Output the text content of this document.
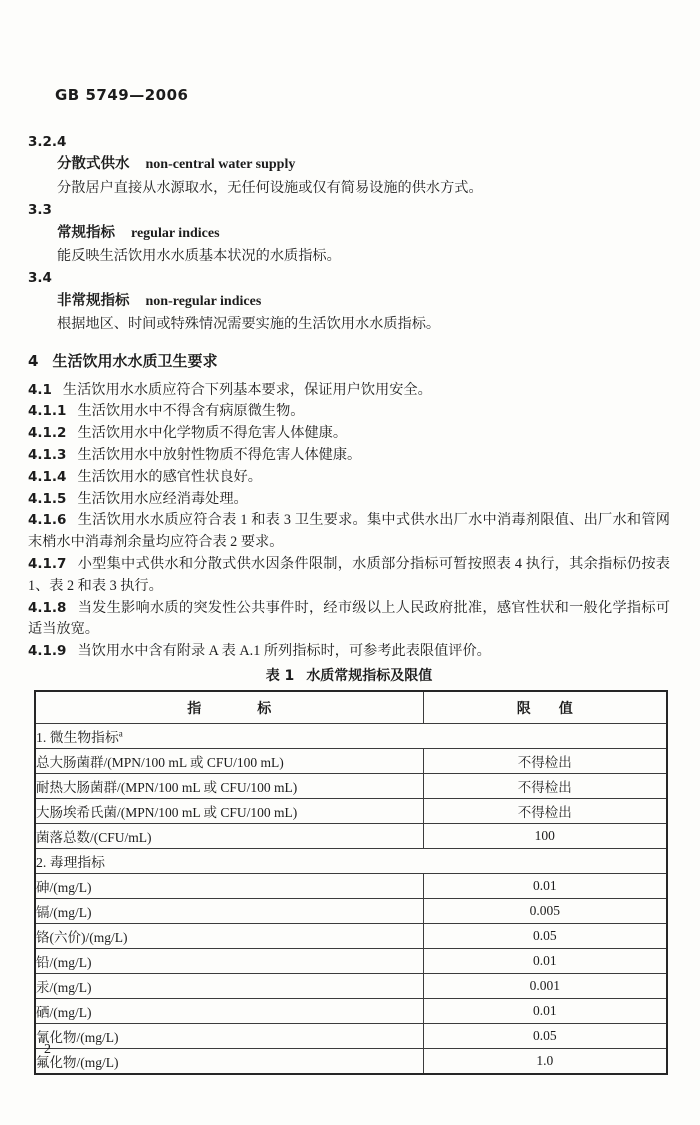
GB 5749—2006
3.2.4
分散式供水 non-central water supply
分散居户直接从水源取水，无任何设施或仅有简易设施的供水方式。
3.3
常规指标 regular indices
能反映生活饮用水水质基本状况的水质指标。
3.4
非常规指标 non-regular indices
根据地区、时间或特殊情况需要实施的生活饮用水水质指标。
4 生活饮用水水质卫生要求

4.1 生活饮用水水质应符合下列基本要求，保证用户饮用安全。

4.1.1 生活饮用水中不得含有病原微生物。

4.1.2 生活饮用水中化学物质不得危害人体健康。

4.1.3 生活饮用水中放射性物质不得危害人体健康。

4.1.4 生活饮用水的感官性状良好。

4.1.5 生活饮用水应经消毒处理。

4.1.6 生活饮用水水质应符合表 1 和表 3 卫生要求。集中式供水出厂水中消毒剂限值、出厂水和管网末梢水中消毒剂余量均应符合表 2 要求。

4.1.7 小型集中式供水和分散式供水因条件限制，水质部分指标可暂按照表 4 执行，其余指标仍按表 1、表 2 和表 3 执行。

4.1.8 当发生影响水质的突发性公共事件时，经市级以上人民政府批准，感官性状和一般化学指标可适当放宽。

4.1.9 当饮用水中含有附录 A 表 A.1 所列指标时，可参考此表限值评价。

表 1 水质常规指标及限值
指　　　　标	限　　值
1. 微生物指标$^a$
总大肠菌群/(MPN/100 mL 或 CFU/100 mL)	不得检出
耐热大肠菌群/(MPN/100 mL 或 CFU/100 mL)	不得检出
大肠埃希氏菌/(MPN/100 mL 或 CFU/100 mL)	不得检出
菌落总数/(CFU/mL)	100
2. 毒理指标	
砷/(mg/L)	0.01
镉/(mg/L)	0.005
铬(六价)/(mg/L)	0.05
铅/(mg/L)	0.01
汞/(mg/L)	0.001
硒/(mg/L)	0.01
氰化物/(mg/L)	0.05
氟化物/(mg/L)	1.0
2
